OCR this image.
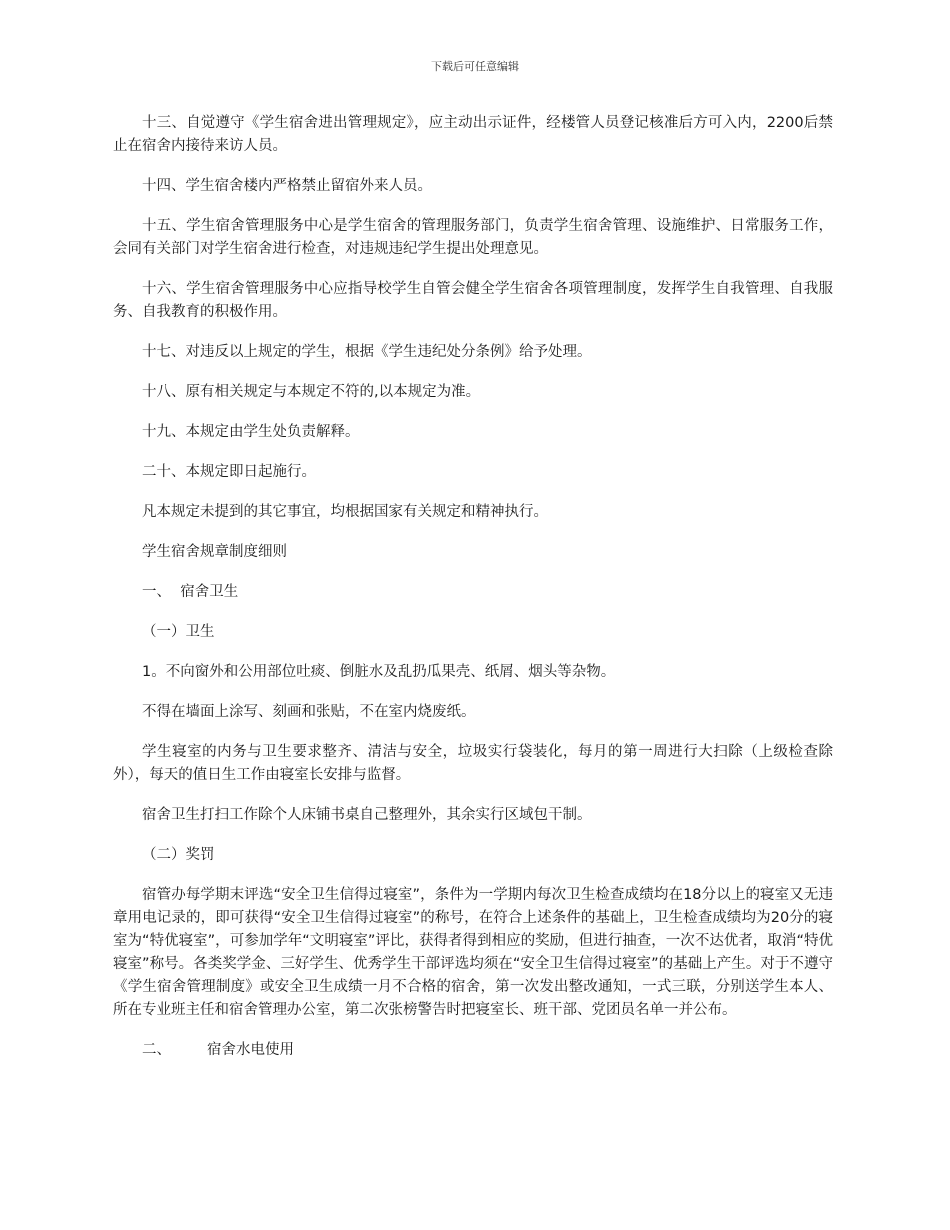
下载后可任意编辑

十三、自觉遵守《学生宿舍进出管理规定》，应主动出示证件，经楼管人员登记核准后方可入内，2200后禁止在宿舍内接待来访人员。

十四、学生宿舍楼内严格禁止留宿外来人员。

十五、学生宿舍管理服务中心是学生宿舍的管理服务部门，负责学生宿舍管理、设施维护、日常服务工作，会同有关部门对学生宿舍进行检查，对违规违纪学生提出处理意见。

十六、学生宿舍管理服务中心应指导校学生自管会健全学生宿舍各项管理制度，发挥学生自我管理、自我服务、自我教育的积极作用。

十七、对违反以上规定的学生，根据《学生违纪处分条例》给予处理。

十八、原有相关规定与本规定不符的,以本规定为准。

十九、本规定由学生处负责解释。

二十、本规定即日起施行。

凡本规定未提到的其它事宜，均根据国家有关规定和精神执行。

学生宿舍规章制度细则

一、  宿舍卫生

（一）卫生

1。不向窗外和公用部位吐痰、倒脏水及乱扔瓜果壳、纸屑、烟头等杂物。

不得在墙面上涂写、刻画和张贴，不在室内烧废纸。

学生寝室的内务与卫生要求整齐、清洁与安全，垃圾实行袋装化，每月的第一周进行大扫除（上级检查除外），每天的值日生工作由寝室长安排与监督。

宿舍卫生打扫工作除个人床铺书桌自己整理外，其余实行区域包干制。

（二）奖罚

宿管办每学期末评选“安全卫生信得过寝室”，条件为一学期内每次卫生检查成绩均在18分以上的寝室又无违章用电记录的，即可获得“安全卫生信得过寝室”的称号，在符合上述条件的基础上，卫生检查成绩均为20分的寝室为“特优寝室”，可参加学年“文明寝室”评比，获得者得到相应的奖励，但进行抽查，一次不达优者，取消“特优寝室”称号。各类奖学金、三好学生、优秀学生干部评选均须在“安全卫生信得过寝室”的基础上产生。对于不遵守《学生宿舍管理制度》或安全卫生成绩一月不合格的宿舍，第一次发出整改通知，一式三联，分别送学生本人、所在专业班主任和宿舍管理办公室，第二次张榜警告时把寝室长、班干部、党团员名单一并公布。

二、 宿舍水电使用
